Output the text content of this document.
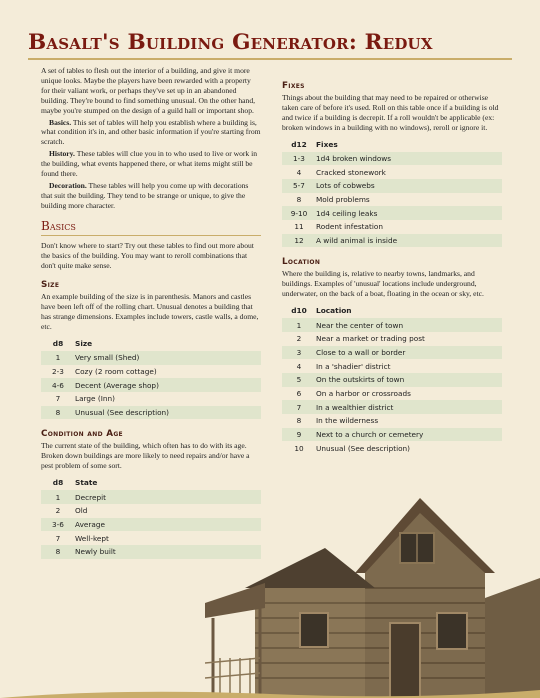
Basalt's Building Generator: Redux

A set of tables to flesh out the interior of a building, and give it more unique looks. Maybe the players have been rewarded with a property for their valiant work, or perhaps they've set up in an abandoned building. They're bound to find something unusual. On the other hand, maybe you're stumped on the design of a guild hall or important shop.

Basics. This set of tables will help you establish where a building is, what condition it's in, and other basic information if you're starting from scratch.

History. These tables will clue you in to who used to live or work in the building, what events happened there, or what items might still be found there.

Decoration. These tables will help you come up with decorations that suit the building. They tend to be strange or unique, to give the building more character.

Basics

Don't know where to start? Try out these tables to find out more about the basics of the building. You may want to reroll combinations that don't quite make sense.

Size

An example building of the size is in parenthesis. Manors and castles have been left off of the rolling chart. Unusual denotes a building that has strange dimensions. Examples include towers, castle walls, a dome, etc.

d8	Size
1	Very small (Shed)
2-3	Cozy (2 room cottage)
4-6	Decent (Average shop)
7	Large (Inn)
8	Unusual (See description)
Condition and Age

The current state of the building, which often has to do with its age. Broken down buildings are more likely to need repairs and/or have a pest problem of some sort.

d8	State
1	Decrepit
2	Old
3-6	Average
7	Well-kept
8	Newly built
Fixes

Things about the building that may need to be repaired or otherwise taken care of before it's used. Roll on this table once if a building is old and twice if a building is decrepit. If a roll wouldn't be applicable (ex: broken windows in a building with no windows), reroll or ignore it.

d12	Fixes
1-3	1d4 broken windows
4	Cracked stonework
5-7	Lots of cobwebs
8	Mold problems
9-10	1d4 ceiling leaks
11	Rodent infestation
12	A wild animal is inside
Location

Where the building is, relative to nearby towns, landmarks, and buildings. Examples of 'unusual' locations include underground, underwater, on the back of a boat, floating in the ocean or sky, etc.

d10	Location
1	Near the center of town
2	Near a market or trading post
3	Close to a wall or border
4	In a 'shadier' district
5	On the outskirts of town
6	On a harbor or crossroads
7	In a wealthier district
8	In the wilderness
9	Next to a church or cemetery
10	Unusual (See description)
